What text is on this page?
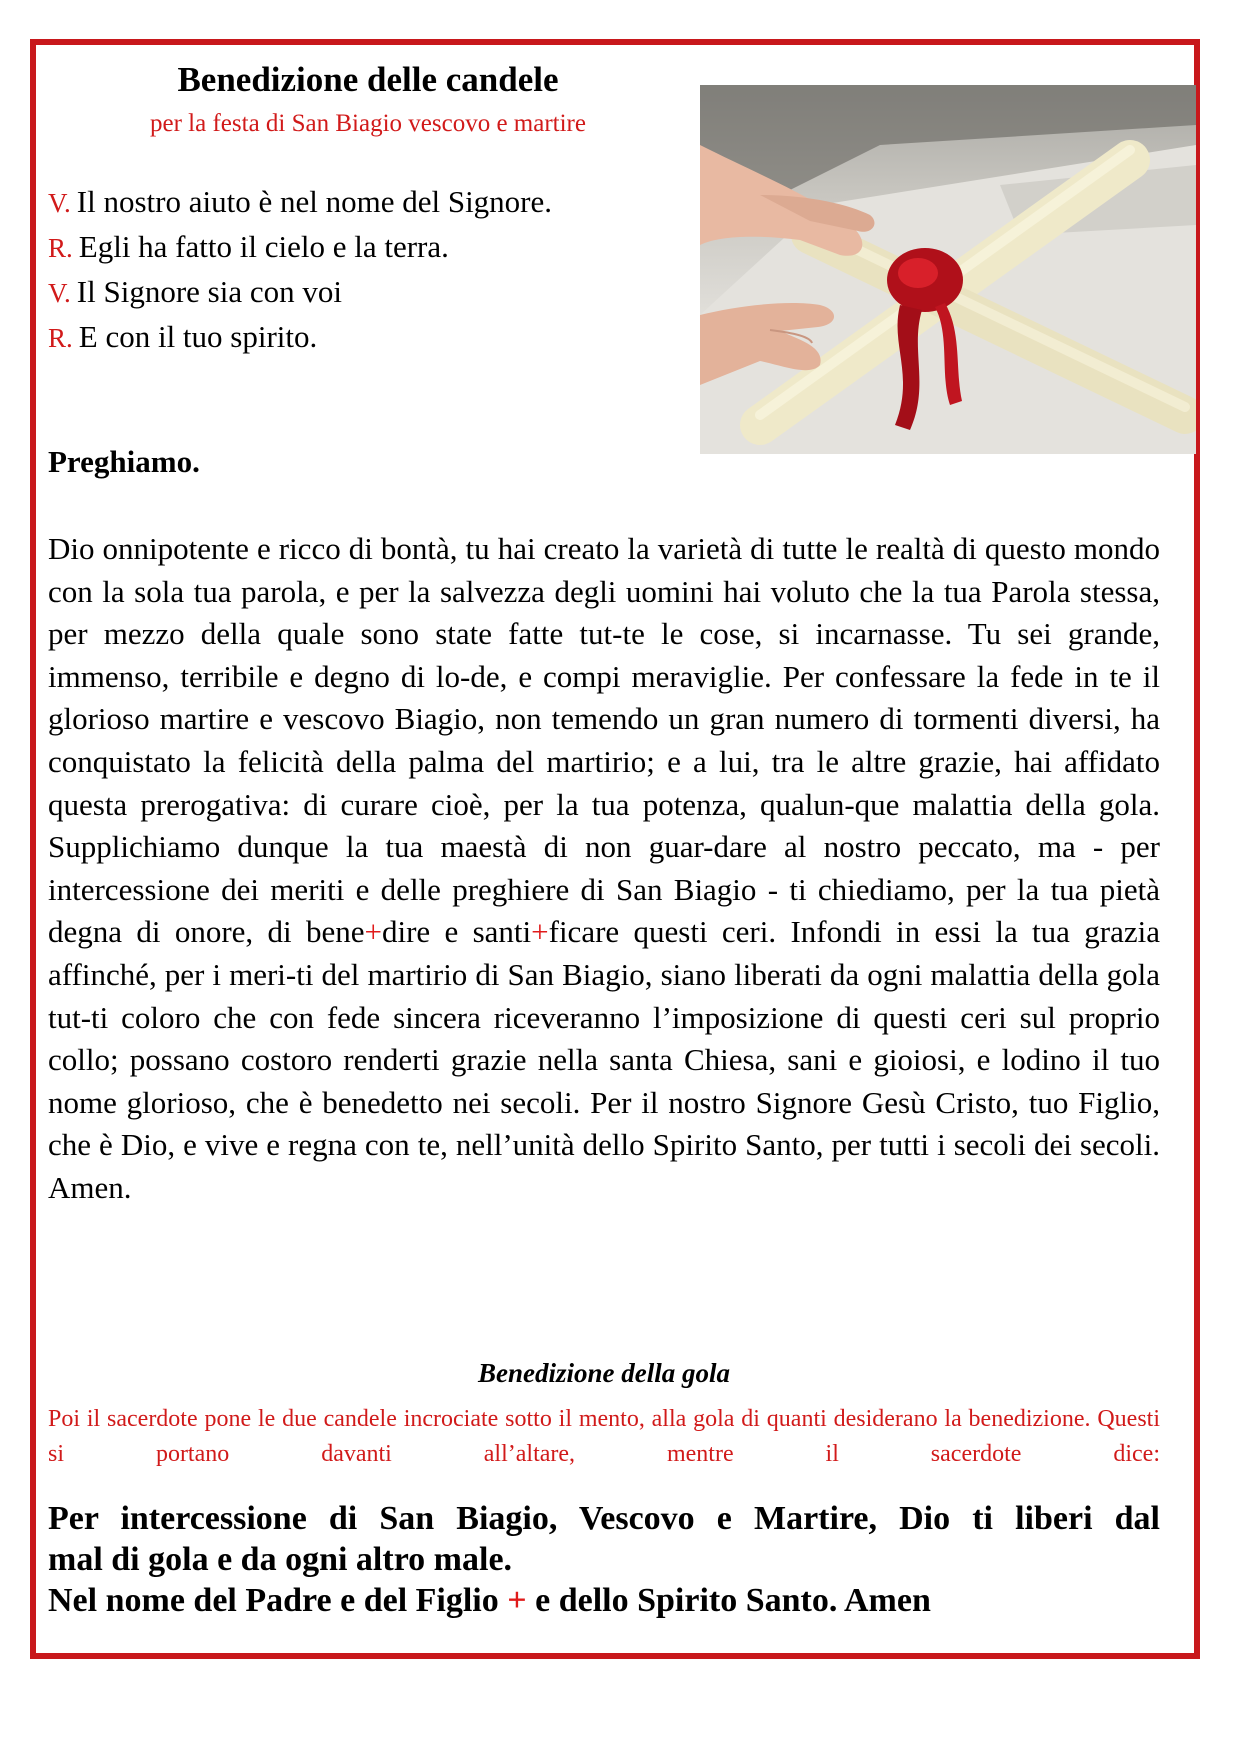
Benedizione delle candele
per la festa di San Biagio vescovo e martire
V. Il nostro aiuto è nel nome del Signore.
R. Egli ha fatto il cielo e la terra.
V. Il Signore sia con voi
R. E con il tuo spirito.
Preghiamo.
Dio onnipotente e ricco di bontà, tu hai creato la varietà di tutte le realtà di questo mondo con la sola tua parola, e per la salvezza degli uomini hai voluto che la tua Parola stessa, per mezzo della quale sono state fatte tut-te le cose, si incarnasse. Tu sei grande, immenso, terribile e degno di lo-de, e compi meraviglie. Per confessare la fede in te il glorioso martire e vescovo Biagio, non temendo un gran numero di tormenti diversi, ha conquistato la felicità della palma del martirio; e a lui, tra le altre grazie, hai affidato questa prerogativa: di curare cioè, per la tua potenza, qualun-que malattia della gola. Supplichiamo dunque la tua maestà di non guar-dare al nostro peccato, ma - per intercessione dei meriti e delle preghiere di San Biagio - ti chiediamo, per la tua pietà degna di onore, di bene+dire e santi+ficare questi ceri. Infondi in essi la tua grazia affinché, per i meri-ti del martirio di San Biagio, siano liberati da ogni malattia della gola tut-ti coloro che con fede sincera riceveranno l’imposizione di questi ceri sul proprio collo; possano costoro renderti grazie nella santa Chiesa, sani e gioiosi, e lodino il tuo nome glorioso, che è benedetto nei secoli. Per il nostro Signore Gesù Cristo, tuo Figlio, che è Dio, e vive e regna con te, nell’unità dello Spirito Santo, per tutti i secoli dei secoli. Amen.
Benedizione della gola
Poi il sacerdote pone le due candele incrociate sotto il mento, alla gola di quanti desiderano la benedizione. Questi si portano davanti all’altare, mentre il sacerdote dice:
Per intercessione di San Biagio, Vescovo e Martire, Dio ti liberi dal
mal di gola e da ogni altro male.
Nel nome del Padre e del Figlio + e dello Spirito Santo. Amen
